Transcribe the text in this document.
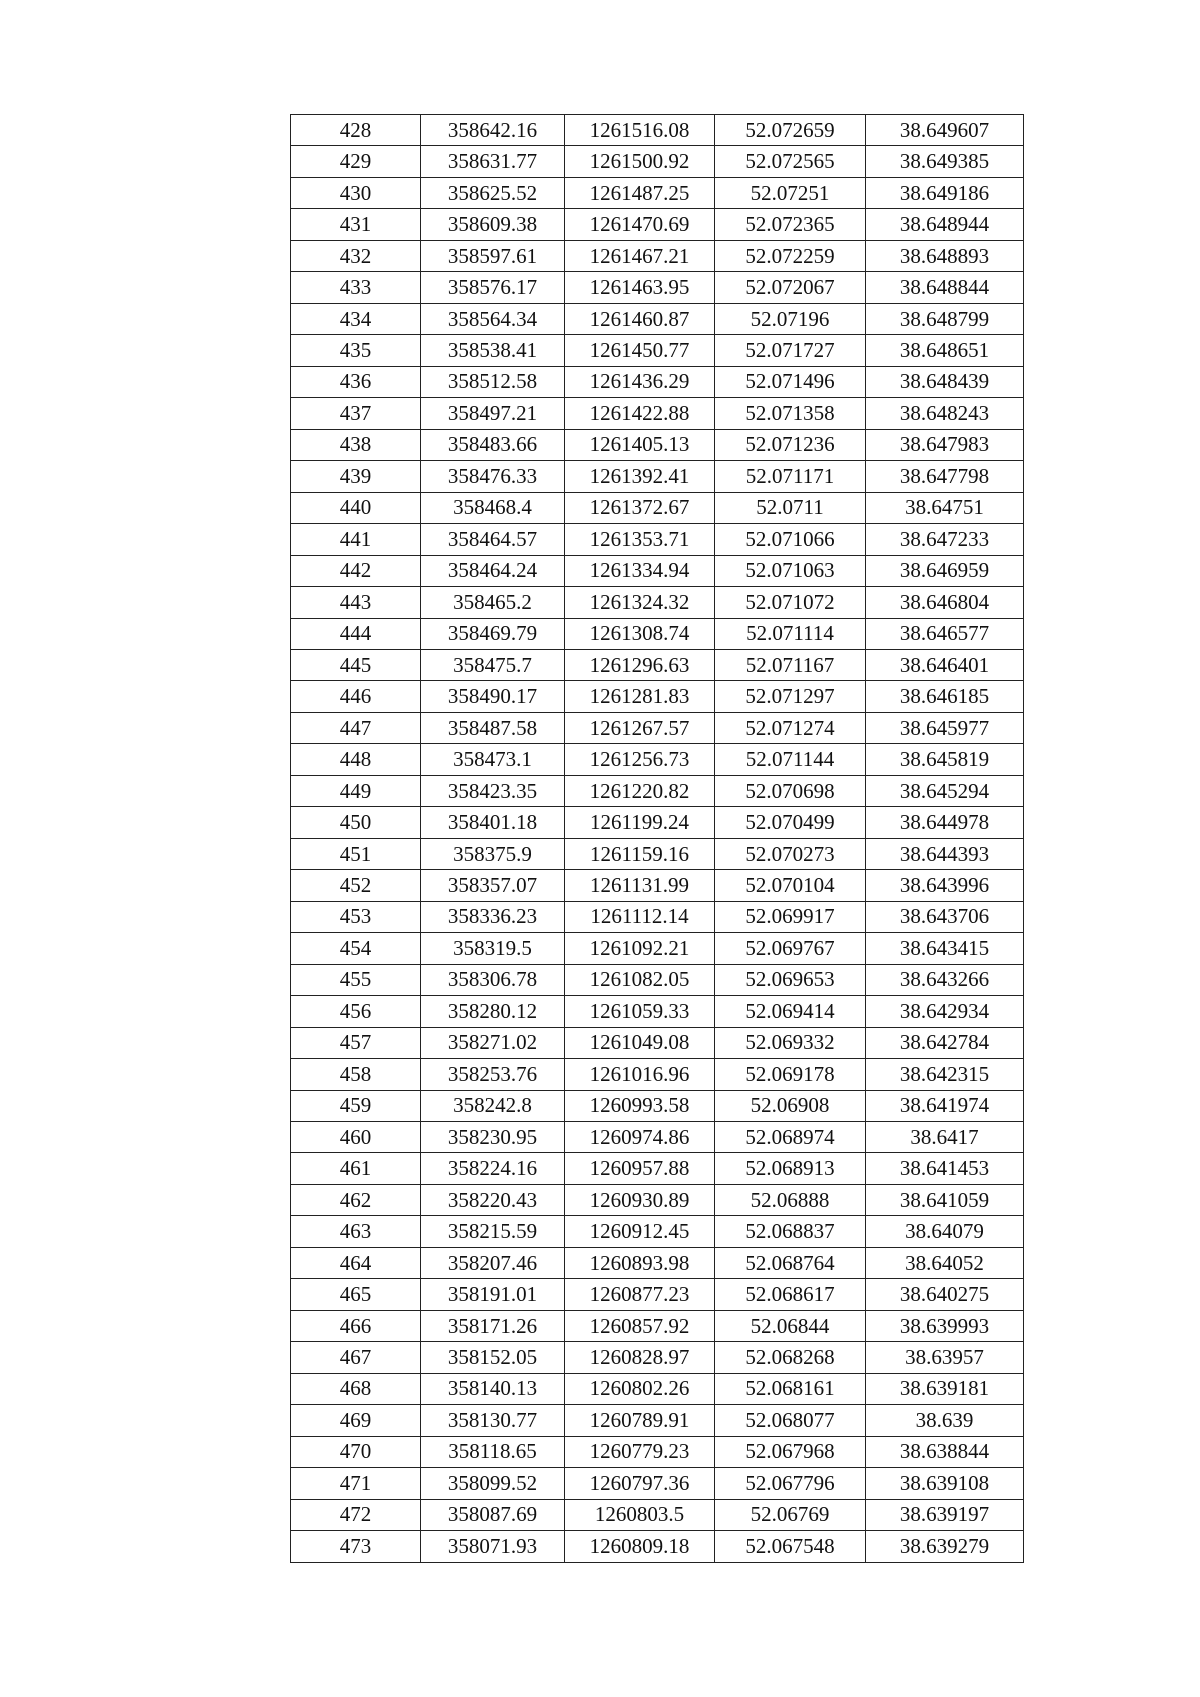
428	358642.16	1261516.08	52.072659	38.649607
429	358631.77	1261500.92	52.072565	38.649385
430	358625.52	1261487.25	52.07251	38.649186
431	358609.38	1261470.69	52.072365	38.648944
432	358597.61	1261467.21	52.072259	38.648893
433	358576.17	1261463.95	52.072067	38.648844
434	358564.34	1261460.87	52.07196	38.648799
435	358538.41	1261450.77	52.071727	38.648651
436	358512.58	1261436.29	52.071496	38.648439
437	358497.21	1261422.88	52.071358	38.648243
438	358483.66	1261405.13	52.071236	38.647983
439	358476.33	1261392.41	52.071171	38.647798
440	358468.4	1261372.67	52.0711	38.64751
441	358464.57	1261353.71	52.071066	38.647233
442	358464.24	1261334.94	52.071063	38.646959
443	358465.2	1261324.32	52.071072	38.646804
444	358469.79	1261308.74	52.071114	38.646577
445	358475.7	1261296.63	52.071167	38.646401
446	358490.17	1261281.83	52.071297	38.646185
447	358487.58	1261267.57	52.071274	38.645977
448	358473.1	1261256.73	52.071144	38.645819
449	358423.35	1261220.82	52.070698	38.645294
450	358401.18	1261199.24	52.070499	38.644978
451	358375.9	1261159.16	52.070273	38.644393
452	358357.07	1261131.99	52.070104	38.643996
453	358336.23	1261112.14	52.069917	38.643706
454	358319.5	1261092.21	52.069767	38.643415
455	358306.78	1261082.05	52.069653	38.643266
456	358280.12	1261059.33	52.069414	38.642934
457	358271.02	1261049.08	52.069332	38.642784
458	358253.76	1261016.96	52.069178	38.642315
459	358242.8	1260993.58	52.06908	38.641974
460	358230.95	1260974.86	52.068974	38.6417
461	358224.16	1260957.88	52.068913	38.641453
462	358220.43	1260930.89	52.06888	38.641059
463	358215.59	1260912.45	52.068837	38.64079
464	358207.46	1260893.98	52.068764	38.64052
465	358191.01	1260877.23	52.068617	38.640275
466	358171.26	1260857.92	52.06844	38.639993
467	358152.05	1260828.97	52.068268	38.63957
468	358140.13	1260802.26	52.068161	38.639181
469	358130.77	1260789.91	52.068077	38.639
470	358118.65	1260779.23	52.067968	38.638844
471	358099.52	1260797.36	52.067796	38.639108
472	358087.69	1260803.5	52.06769	38.639197
473	358071.93	1260809.18	52.067548	38.639279
